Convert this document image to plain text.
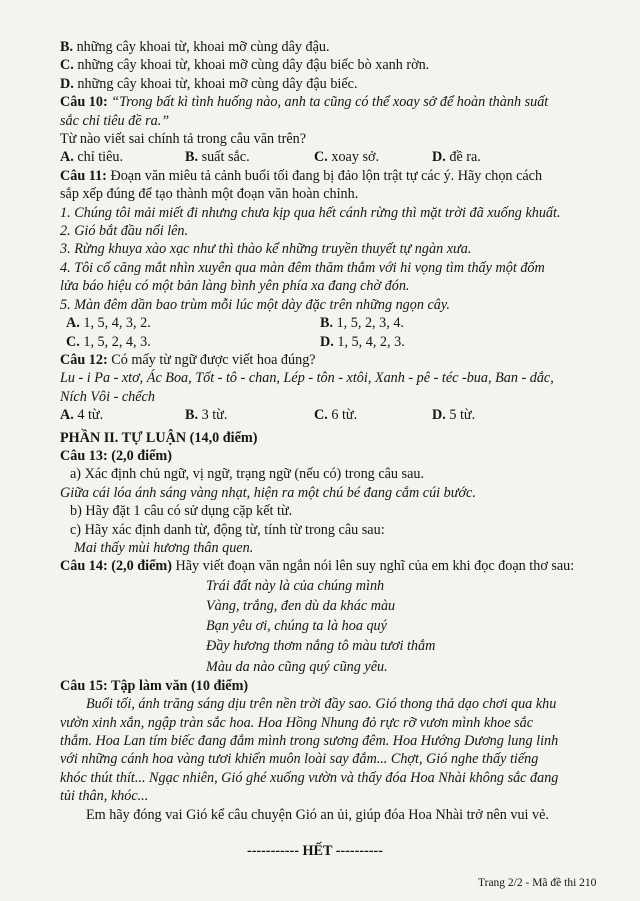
B. những cây khoai từ, khoai mỡ cùng dây đậu.
C. những cây khoai từ, khoai mỡ cùng dây đậu biếc bò xanh rờn.
D. những cây khoai từ, khoai mỡ cùng dây đậu biếc.
Câu 10: “Trong bất kì tình huống nào, anh ta cũng có thể xoay sở để hoàn thành suất
sắc chỉ tiêu đề ra.”
Từ nào viết sai chính tả trong câu văn trên?
A. chỉ tiêu.	B. suất sắc.	C. xoay sở.	D. đề ra.
Câu 11: Đoạn văn miêu tả cảnh buổi tối đang bị đảo lộn trật tự các ý. Hãy chọn cách
sắp xếp đúng để tạo thành một đoạn văn hoàn chỉnh.
1. Chúng tôi mải miết đi nhưng chưa kịp qua hết cánh rừng thì mặt trời đã xuống khuất.
2. Gió bắt đầu nổi lên.
3. Rừng khuya xào xạc như thì thào kể những truyền thuyết tự ngàn xưa.
4. Tôi cố căng mắt nhìn xuyên qua màn đêm thăm thẳm với hi vọng tìm thấy một đốm
lửa báo hiệu có một bản làng bình yên phía xa đang chờ đón.
5. Màn đêm dần bao trùm mỗi lúc một dày đặc trên những ngọn cây.
A. 1, 5, 4, 3, 2.	B. 1, 5, 2, 3, 4.
C. 1, 5, 2, 4, 3.	D. 1, 5, 4, 2, 3.
Câu 12: Có mấy từ ngữ được viết hoa đúng?
Lu - i Pa - xtơ, Ác Boa, Tốt - tô - chan, Lép - tôn - xtôi, Xanh - pê - téc -bua, Ban - dắc,
Ních Vôi - chếch
A. 4 từ.	B. 3 từ.	C. 6 từ.	D. 5 từ.
PHẦN II. TỰ LUẬN (14,0 điểm)
Câu 13: (2,0 điểm)
a) Xác định chủ ngữ, vị ngữ, trạng ngữ (nếu có) trong câu sau.
Giữa cái lóa ánh sáng vàng nhạt, hiện ra một chú bé đang cắm cúi bước.
b) Hãy đặt 1 câu có sử dụng cặp kết từ.
c) Hãy xác định danh từ, động từ, tính từ trong câu sau:
Mai thấy mùi hương thân quen.
Câu 14: (2,0 điểm) Hãy viết đoạn văn ngắn nói lên suy nghĩ của em khi đọc đoạn thơ sau:
Trái đất này là của chúng mình
Vàng, trắng, đen dù da khác màu
Bạn yêu ơi, chúng ta là hoa quý
Đầy hương thơm nắng tô màu tươi thắm
Màu da nào cũng quý cũng yêu.
Câu 15: Tập làm văn (10 điểm)
Buổi tối, ánh trăng sáng dịu trên nền trời đầy sao. Gió thong thả dạo chơi qua khu
vườn xinh xắn, ngập tràn sắc hoa. Hoa Hồng Nhung đỏ rực rỡ vươn mình khoe sắc
thắm. Hoa Lan tím biếc đang đắm mình trong sương đêm. Hoa Hướng Dương lung linh
với những cánh hoa vàng tươi khiến muôn loài say đắm... Chợt, Gió nghe thấy tiếng
khóc thút thít... Ngạc nhiên, Gió ghé xuống vườn và thấy đóa Hoa Nhài không sắc đang
tủi thân, khóc...
Em hãy đóng vai Gió kể câu chuyện Gió an ủi, giúp đóa Hoa Nhài trở nên vui vẻ.
----------- HẾT ----------
Trang 2/2 - Mã đề thi 210
